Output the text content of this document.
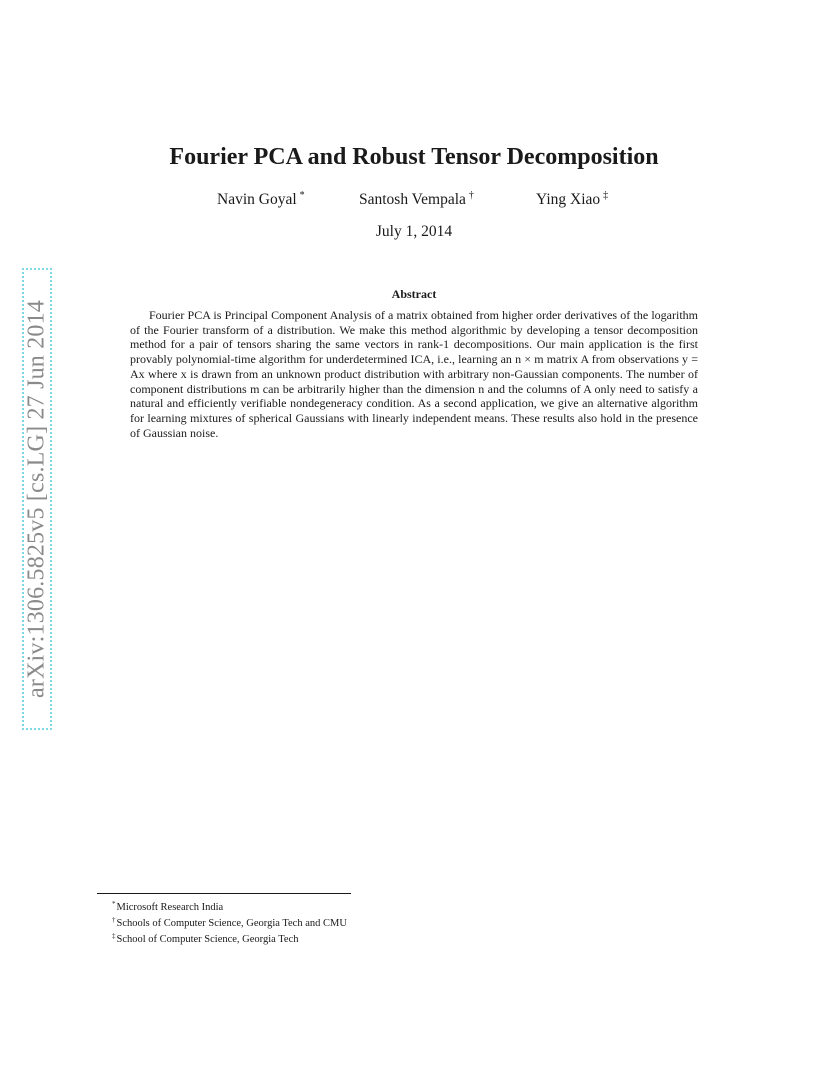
arXiv:1306.5825v5 [cs.LG] 27 Jun 2014
Fourier PCA and Robust Tensor Decomposition
Navin Goyal *	Santosh Vempala †	Ying Xiao ‡
July 1, 2014
Abstract
Fourier PCA is Principal Component Analysis of a matrix obtained from higher order derivatives of the logarithm of the Fourier transform of a distribution. We make this method algorithmic by developing a tensor decomposition method for a pair of tensors sharing the same vectors in rank-1 decompositions. Our main application is the first provably polynomial-time algorithm for underdetermined ICA, i.e., learning an n × m matrix A from observations y = Ax where x is drawn from an unknown product distribution with arbitrary non-Gaussian components. The number of component distributions m can be arbitrarily higher than the dimension n and the columns of A only need to satisfy a natural and efficiently verifiable nondegeneracy condition. As a second application, we give an alternative algorithm for learning mixtures of spherical Gaussians with linearly independent means. These results also hold in the presence of Gaussian noise.
*Microsoft Research India
†Schools of Computer Science, Georgia Tech and CMU
‡School of Computer Science, Georgia Tech
